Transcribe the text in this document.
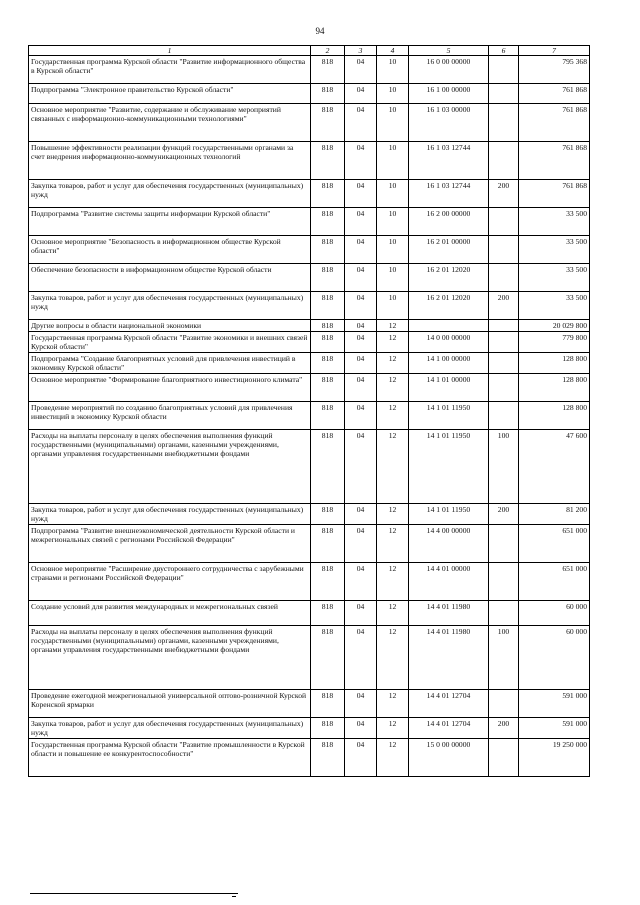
94
1	2	3	4	5	6	7
Государственная программа Курской области "Развитие информационного общества в Курской области"	818	04	10	16 0 00 00000		795 368
Подпрограмма "Электронное правительство Курской области"	818	04	10	16 1 00 00000		761 868
Основное мероприятие "Развитие, содержание и обслуживание мероприятий связанных с информационно-коммуникационными технологиями"	818	04	10	16 1 03 00000		761 868
Повышение эффективности реализации функций государственными органами за счет внедрения информационно-коммуникационных технологий	818	04	10	16 1 03 12744		761 868
Закупка товаров, работ и услуг для обеспечения государственных (муниципальных) нужд	818	04	10	16 1 03 12744	200	761 868
Подпрограмма "Развитие системы защиты информации Курской области"	818	04	10	16 2 00 00000		33 500
Основное мероприятие "Безопасность в информационном обществе Курской области"	818	04	10	16 2 01 00000		33 500
Обеспечение безопасности в информационном обществе Курской области	818	04	10	16 2 01 12020		33 500
Закупка товаров, работ и услуг для обеспечения государственных (муниципальных) нужд	818	04	10	16 2 01 12020	200	33 500
Другие вопросы в области национальной экономики	818	04	12			20 029 800
Государственная программа Курской области "Развитие экономики и внешних связей Курской области"	818	04	12	14 0 00 00000		779 800
Подпрограмма "Создание благоприятных условий для привлечения инвестиций в экономику Курской области"	818	04	12	14 1 00 00000		128 800
Основное мероприятие "Формирование благоприятного инвестиционного климата"	818	04	12	14 1 01 00000		128 800
Проведение мероприятий по созданию благоприятных условий для привлечения инвестиций в экономику Курской области	818	04	12	14 1 01 11950		128 800
Расходы на выплаты персоналу в целях обеспечения выполнения функций государственными (муниципальными) органами, казенными учреждениями, органами управления государственными внебюджетными фондами	818	04	12	14 1 01 11950	100	47 600
Закупка товаров, работ и услуг для обеспечения государственных (муниципальных) нужд	818	04	12	14 1 01 11950	200	81 200
Подпрограмма "Развитие внешнеэкономической деятельности Курской области и межрегиональных связей с регионами Российской Федерации"	818	04	12	14 4 00 00000		651 000
Основное мероприятие "Расширение двустороннего сотрудничества с зарубежными странами и регионами Российской Федерации"	818	04	12	14 4 01 00000		651 000
Создание условий для развития международных и межрегиональных связей	818	04	12	14 4 01 11980		60 000
Расходы на выплаты персоналу в целях обеспечения выполнения функций государственными (муниципальными) органами, казенными учреждениями, органами управления государственными внебюджетными фондами	818	04	12	14 4 01 11980	100	60 000
Проведение ежегодной межрегиональной универсальной оптово-розничной Курской Коренской ярмарки	818	04	12	14 4 01 12704		591 000
Закупка товаров, работ и услуг для обеспечения государственных (муниципальных) нужд	818	04	12	14 4 01 12704	200	591 000
Государственная программа Курской области "Развитие промышленности в Курской области и повышение ее конкурентоспособности"	818	04	12	15 0 00 00000		19 250 000
